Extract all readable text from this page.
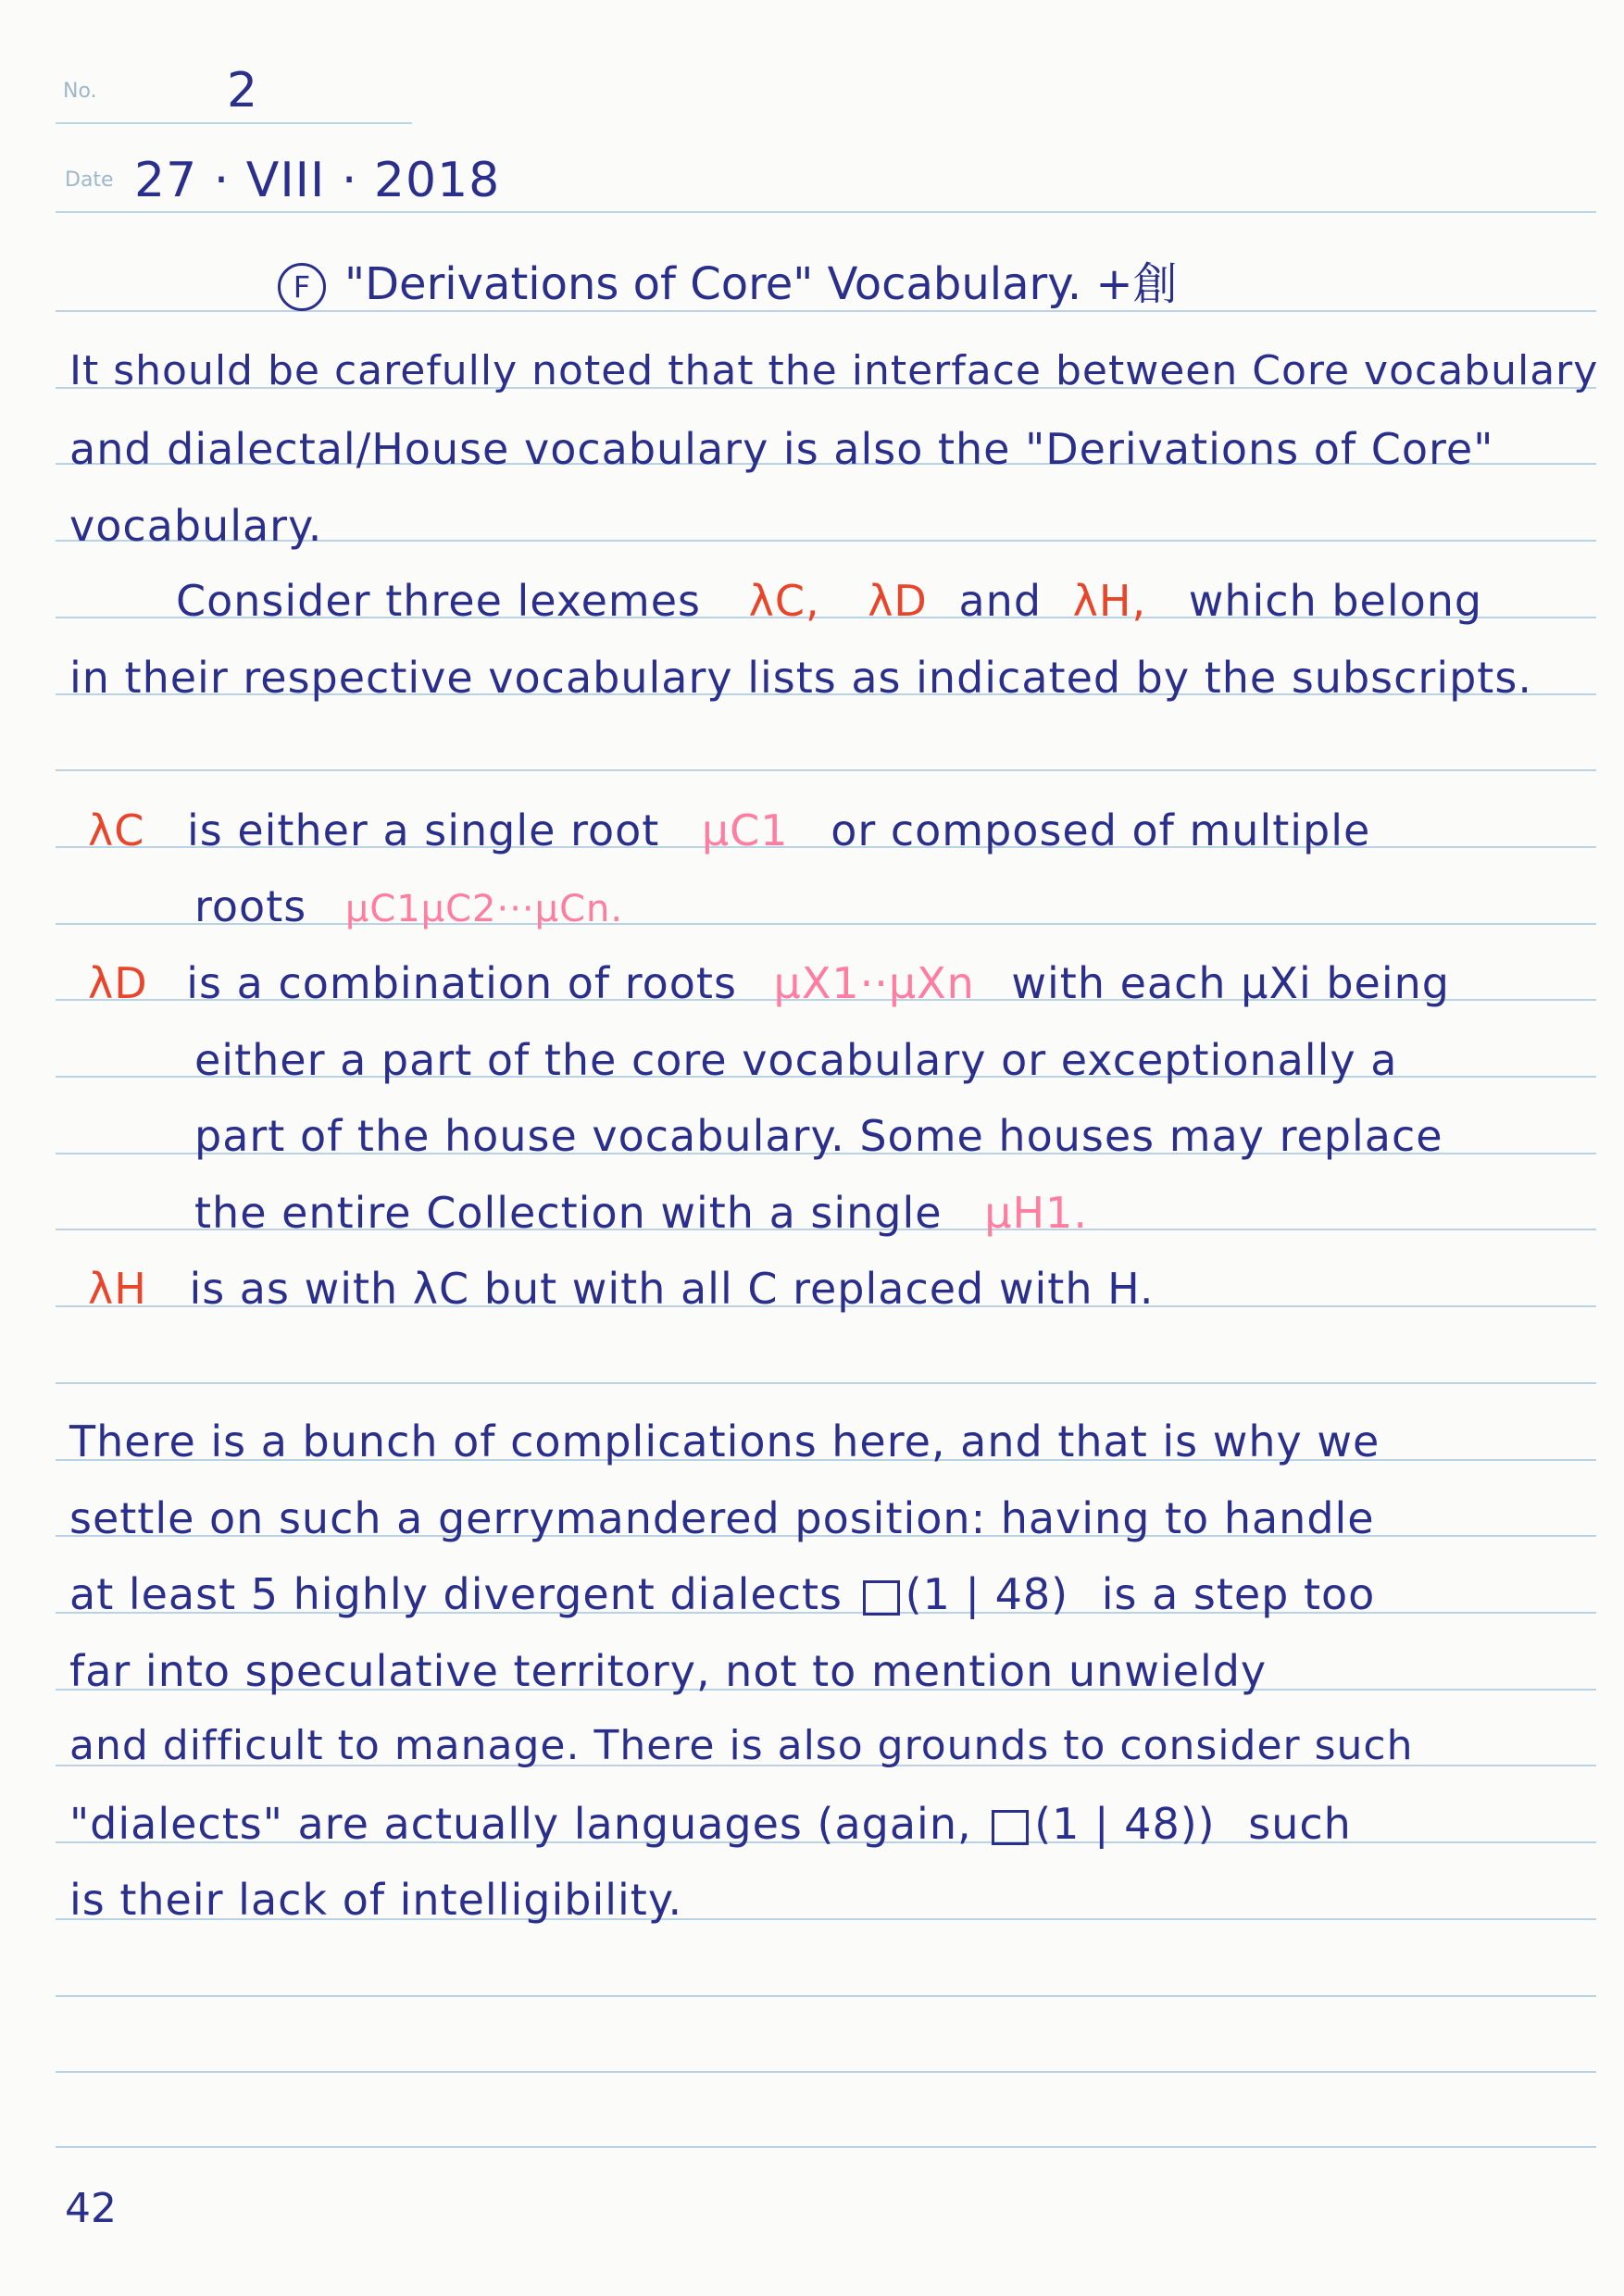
No.	2
Date 27 · VIII · 2018
F "Derivations of Core" Vocabulary. +創
It should be carefully noted that the interface between Core vocabulary
and dialectal/House vocabulary is also the "Derivations of Core"
vocabulary.
Consider three lexemes λC, λD and λH, which belong
in their respective vocabulary lists as indicated by the subscripts.
λC is either a single root μC1 or composed of multiple
roots μC1μC2···μCn.
λD is a combination of roots μX1··μXn with each μXi being
either a part of the core vocabulary or exceptionally a
part of the house vocabulary. Some houses may replace
the entire Collection with a single μH1.
λH is as with λC but with all C replaced with H.
There is a bunch of complications here, and that is why we
settle on such a gerrymandered position: having to handle
at least 5 highly divergent dialects (1 | 48) is a step too
far into speculative territory, not to mention unwieldy
and difficult to manage. There is also grounds to consider such
"dialects" are actually languages (again, (1 | 48)) such
is their lack of intelligibility.
42
